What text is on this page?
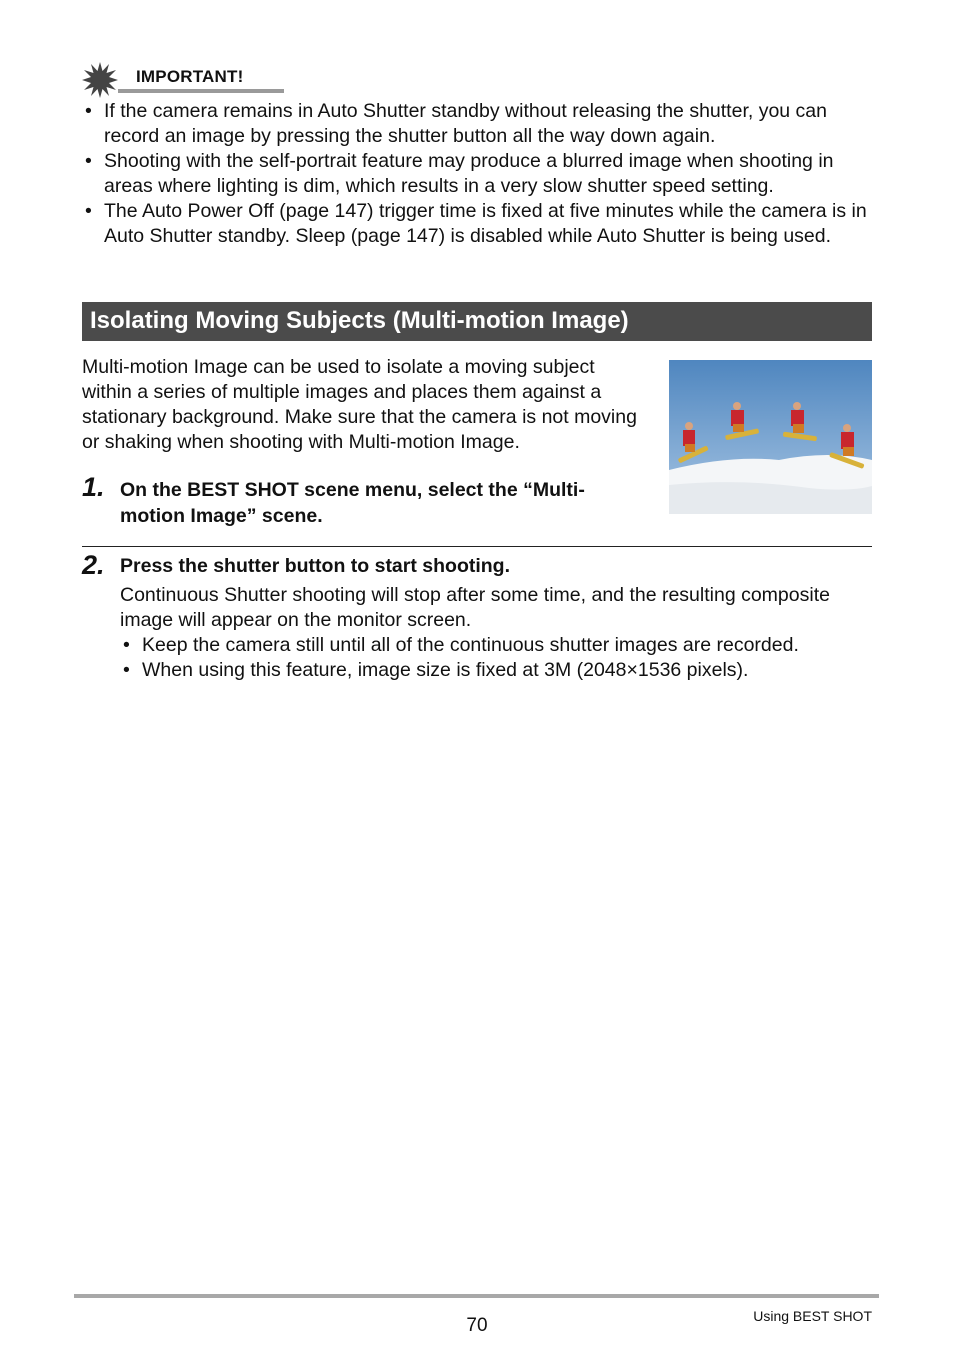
IMPORTANT!
• If the camera remains in Auto Shutter standby without releasing the shutter, you can record an image by pressing the shutter button all the way down again.
• Shooting with the self-portrait feature may produce a blurred image when shooting in areas where lighting is dim, which results in a very slow shutter speed setting.
• The Auto Power Off (page 147) trigger time is fixed at five minutes while the camera is in Auto Shutter standby. Sleep (page 147) is disabled while Auto Shutter is being used.
Isolating Moving Subjects (Multi-motion Image)

Multi-motion Image can be used to isolate a moving subject within a series of multiple images and places them against a stationary background. Make sure that the camera is not moving or shaking when shooting with Multi-motion Image.

1. On the BEST SHOT scene menu, select the “Multi-motion Image” scene.

2. Press the shutter button to start shooting.

Continuous Shutter shooting will stop after some time, and the resulting composite image will appear on the monitor screen.

• Keep the camera still until all of the continuous shutter images are recorded.
• When using this feature, image size is fixed at 3M (2048×1536 pixels).
70	Using BEST SHOT
